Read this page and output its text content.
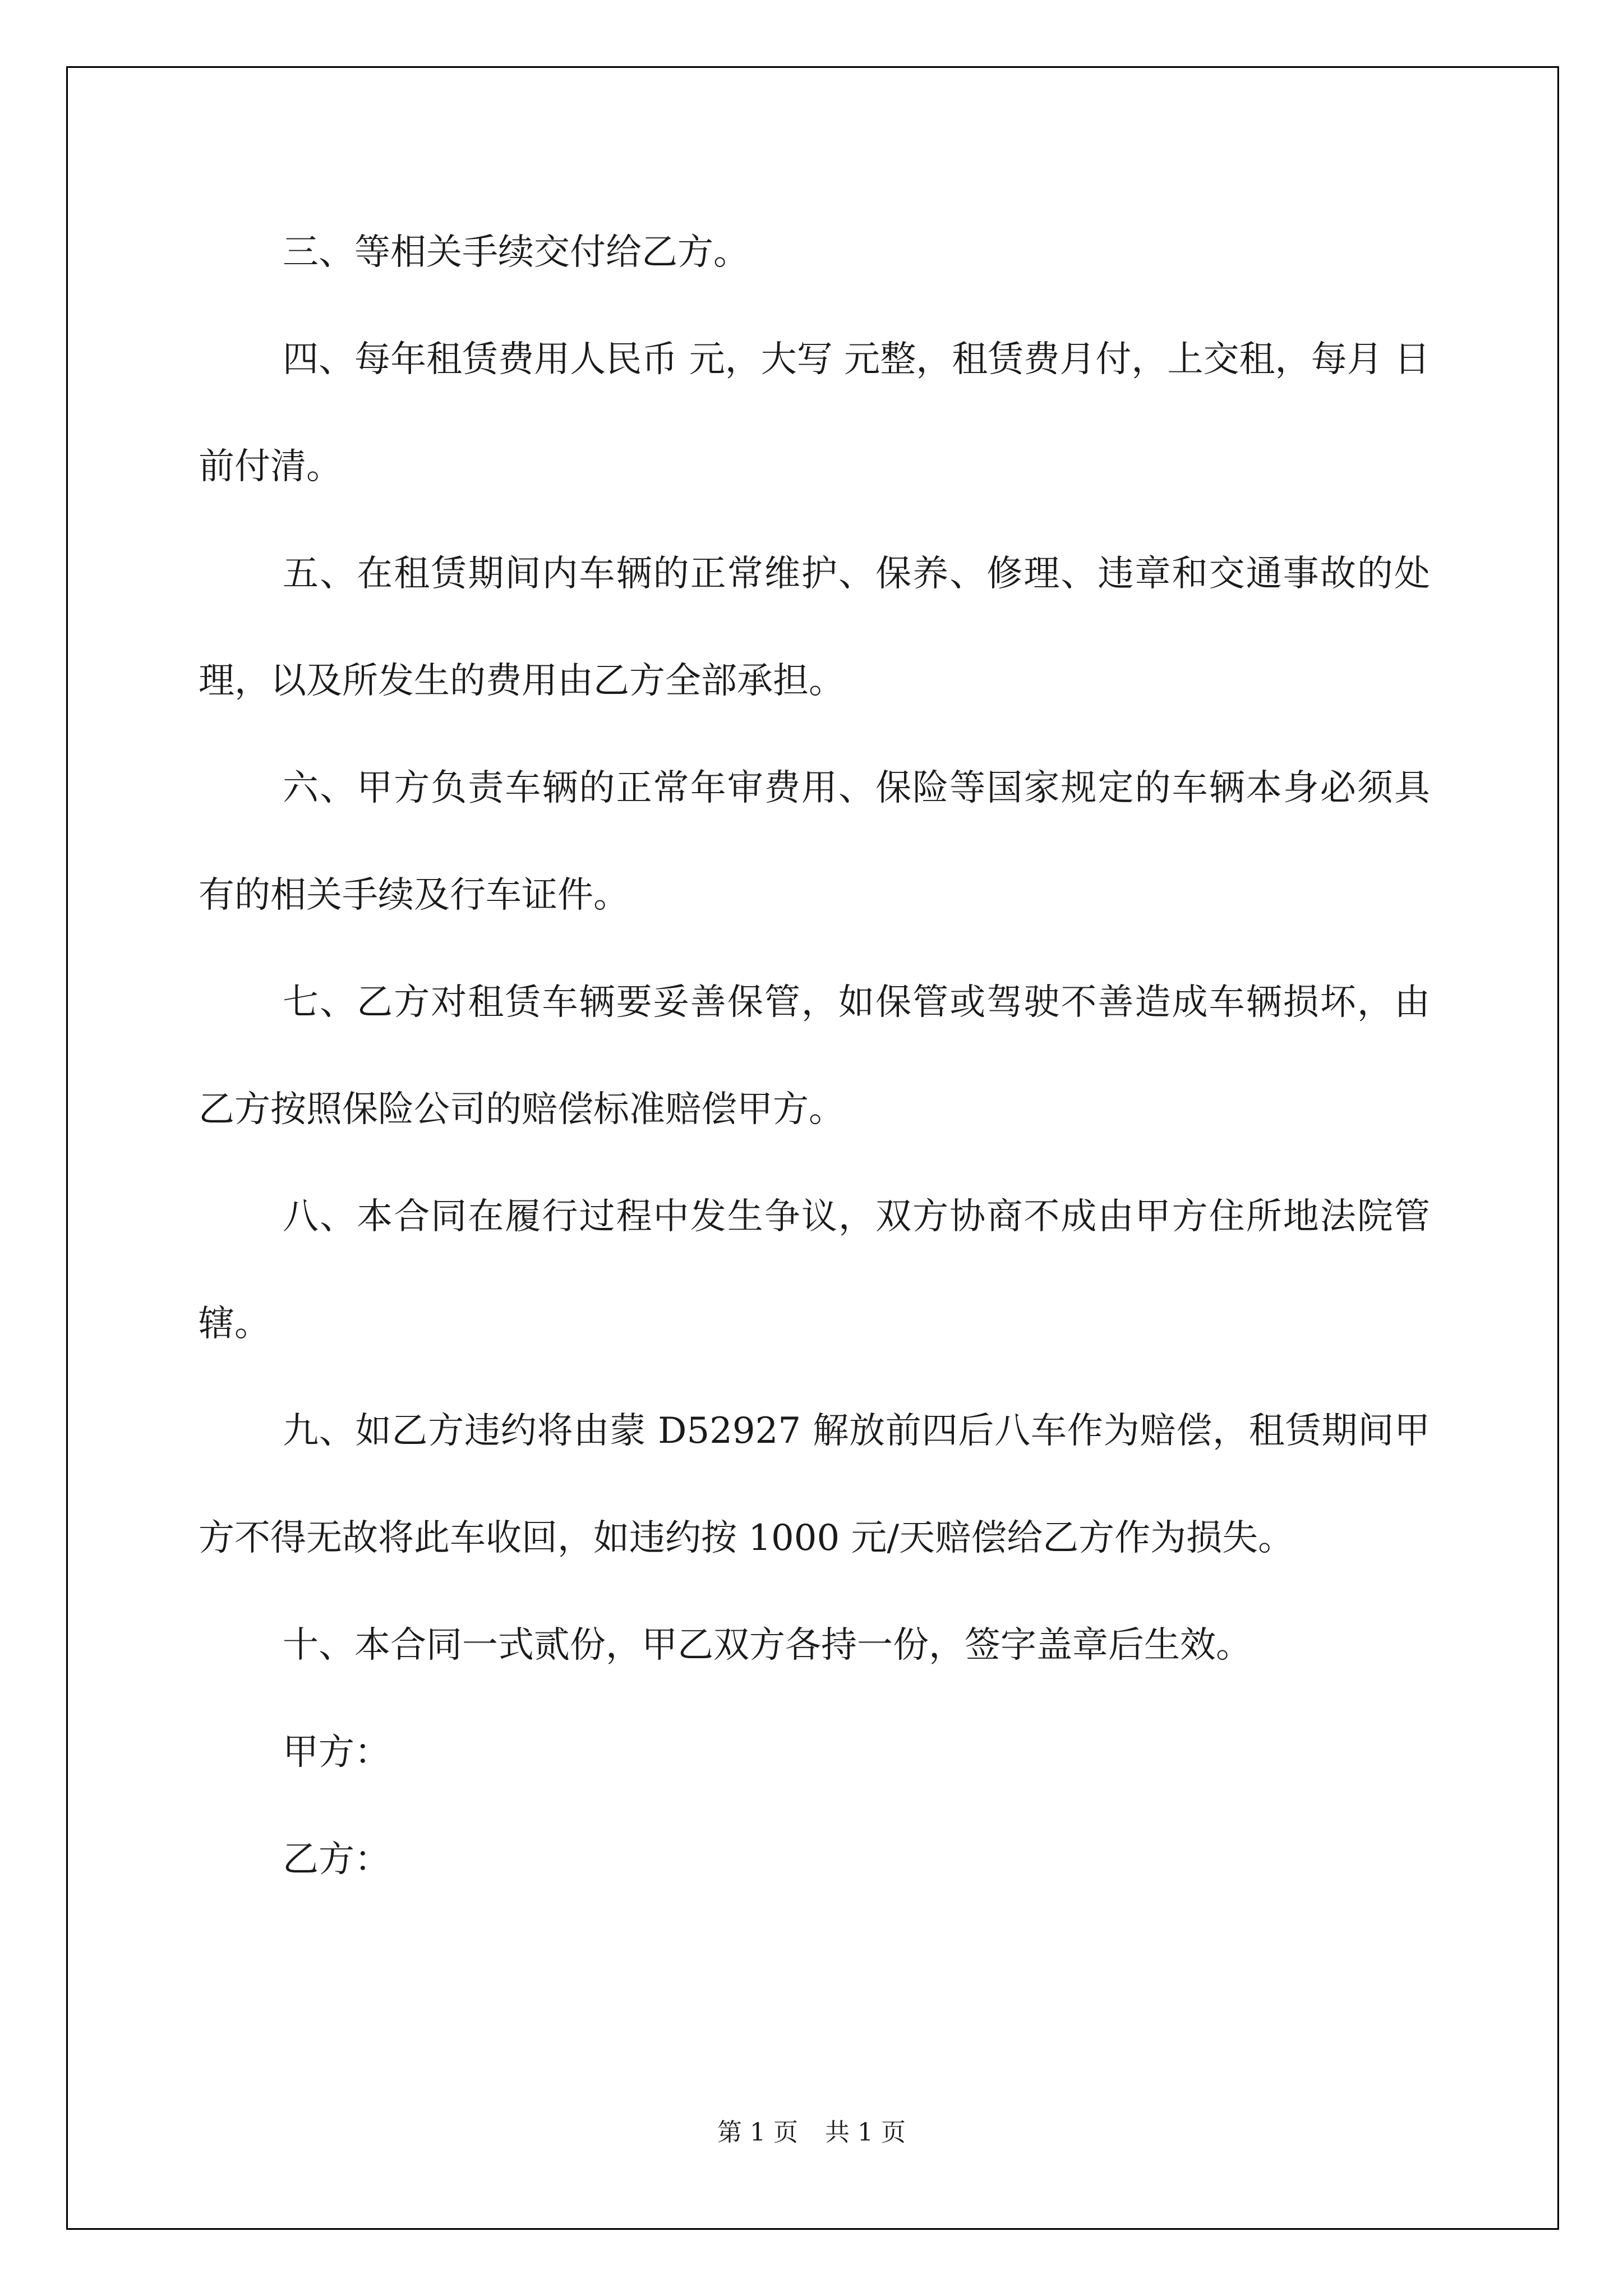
三、等相关手续交付给乙方。

四、每年租赁费用人民币 元，大写 元整，租赁费月付，上交租，每月 日前付清。

五、在租赁期间内车辆的正常维护、保养、修理、违章和交通事故的处理，以及所发生的费用由乙方全部承担。

六、甲方负责车辆的正常年审费用、保险等国家规定的车辆本身必须具有的相关手续及行车证件。

七、乙方对租赁车辆要妥善保管，如保管或驾驶不善造成车辆损坏，由乙方按照保险公司的赔偿标准赔偿甲方。

八、本合同在履行过程中发生争议，双方协商不成由甲方住所地法院管辖。

九、如乙方违约将由蒙 D52927 解放前四后八车作为赔偿，租赁期间甲方不得无故将此车收回，如违约按 1000 元/天赔偿给乙方作为损失。

十、本合同一式贰份，甲乙双方各持一份，签字盖章后生效。

甲方：

乙方：

第 1 页 共 1 页
